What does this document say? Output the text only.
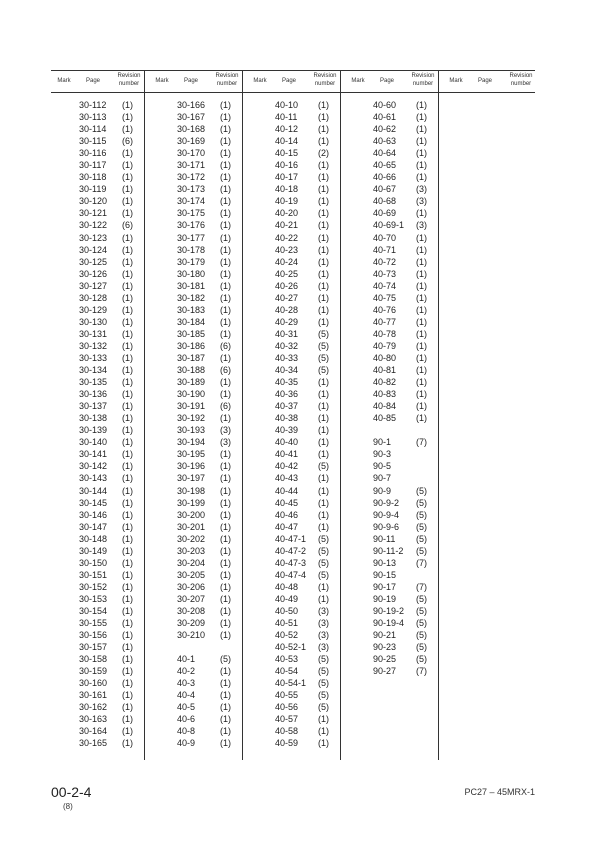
Mark	Page
Revision
number
30-112 (1)
30-113 (1)
30-114 (1)
30-115 (6)
30-116 (1)
30-117 (1)
30-118 (1)
30-119 (1)
30-120 (1)
30-121 (1)
30-122 (6)
30-123 (1)
30-124 (1)
30-125 (1)
30-126 (1)
30-127 (1)
30-128 (1)
30-129 (1)
30-130 (1)
30-131 (1)
30-132 (1)
30-133 (1)
30-134 (1)
30-135 (1)
30-136 (1)
30-137 (1)
30-138 (1)
30-139 (1)
30-140 (1)
30-141 (1)
30-142 (1)
30-143 (1)
30-144 (1)
30-145 (1)
30-146 (1)
30-147 (1)
30-148 (1)
30-149 (1)
30-150 (1)
30-151 (1)
30-152 (1)
30-153 (1)
30-154 (1)
30-155 (1)
30-156 (1)
30-157 (1)
30-158 (1)
30-159 (1)
30-160 (1)
30-161 (1)
30-162 (1)
30-163 (1)
30-164 (1)
30-165 (1)
Mark	Page
Revision
number
30-166 (1)
30-167 (1)
30-168 (1)
30-169 (1)
30-170 (1)
30-171 (1)
30-172 (1)
30-173 (1)
30-174 (1)
30-175 (1)
30-176 (1)
30-177 (1)
30-178 (1)
30-179 (1)
30-180 (1)
30-181 (1)
30-182 (1)
30-183 (1)
30-184 (1)
30-185 (1)
30-186 (6)
30-187 (1)
30-188 (6)
30-189 (1)
30-190 (1)
30-191 (6)
30-192 (1)
30-193 (3)
30-194 (3)
30-195 (1)
30-196 (1)
30-197 (1)
30-198 (1)
30-199 (1)
30-200 (1)
30-201 (1)
30-202 (1)
30-203 (1)
30-204 (1)
30-205 (1)
30-206 (1)
30-207 (1)
30-208 (1)
30-209 (1)
30-210 (1)
40-1	(5)
40-2	(1)
40-3	(1)
40-4	(1)
40-5	(1)
40-6	(1)
40-8	(1)
40-9	(1)
Mark	Page
Revision
number
40-10 (1)
40-11 (1)
40-12 (1)
40-14 (1)
40-15 (2)
40-16 (1)
40-17 (1)
40-18 (1)
40-19 (1)
40-20 (1)
40-21 (1)
40-22 (1)
40-23 (1)
40-24 (1)
40-25 (1)
40-26 (1)
40-27 (1)
40-28 (1)
40-29 (1)
40-31 (5)
40-32 (5)
40-33 (5)
40-34 (5)
40-35 (1)
40-36 (1)
40-37 (1)
40-38 (1)
40-39 (1)
40-40 (1)
40-41 (1)
40-42 (5)
40-43 (1)
40-44 (1)
40-45 (1)
40-46 (1)
40-47 (1)
40-47-1 (5)
40-47-2 (5)
40-47-3 (5)
40-47-4 (5)
40-48 (1)
40-49 (1)
40-50 (3)
40-51 (3)
40-52 (3)
40-52-1 (3)
40-53 (5)
40-54 (5)
40-54-1 (5)
40-55 (5)
40-56 (5)
40-57 (1)
40-58 (1)
40-59 (1)
Mark	Page
Revision
number
40-60 (1)
40-61 (1)
40-62 (1)
40-63 (1)
40-64 (1)
40-65 (1)
40-66 (1)
40-67 (3)
40-68 (3)
40-69 (1)
40-69-1 (3)
40-70 (1)
40-71 (1)
40-72 (1)
40-73 (1)
40-74 (1)
40-75 (1)
40-76 (1)
40-77 (1)
40-78 (1)
40-79 (1)
40-80 (1)
40-81 (1)
40-82 (1)
40-83 (1)
40-84 (1)
40-85 (1)
90-1	(7)
90-3
90-5
90-7
90-9	(5)
90-9-2 (5)
90-9-4 (5)
90-9-6 (5)
90-11 (5)
90-11-2 (5)
90-13 (7)
90-15
90-17 (7)
90-19 (5)
90-19-2 (5)
90-19-4 (5)
90-21 (5)
90-23 (5)
90-25 (5)
90-27 (7)
Mark	Page
Revision
number
00-2-4
(8)
PC27 – 45MRX-1
